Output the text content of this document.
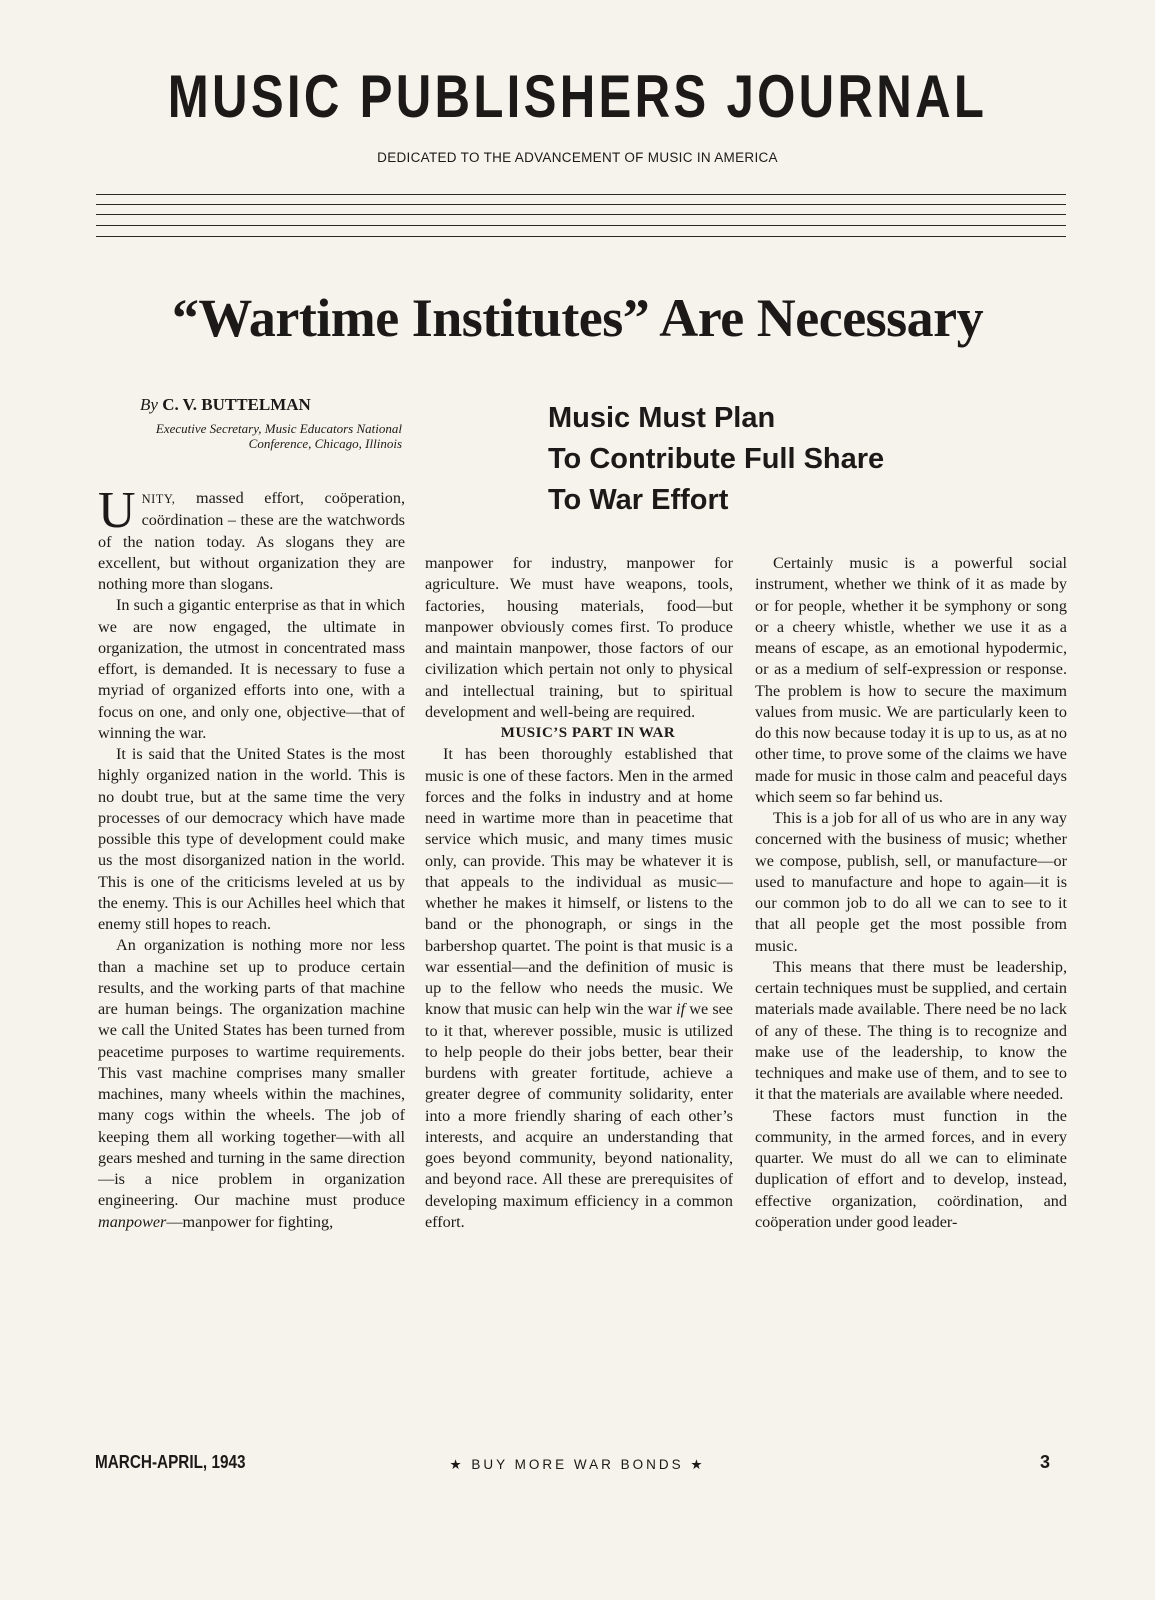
MUSIC PUBLISHERS JOURNAL
DEDICATED TO THE ADVANCEMENT OF MUSIC IN AMERICA
“Wartime Institutes” Are Necessary
By C. V. BUTTELMAN
Executive Secretary, Music Educators National Conference, Chicago, Illinois
Music Must Plan
To Contribute Full Share
To War Effort

UNITY, massed effort, coöperation, coördination – these are the watchwords of the nation today. As slogans they are excellent, but without organization they are nothing more than slogans.

In such a gigantic enterprise as that in which we are now engaged, the ultimate in organization, the utmost in concentrated mass effort, is demanded. It is necessary to fuse a myriad of organized efforts into one, with a focus on one, and only one, objective—that of winning the war.

It is said that the United States is the most highly organized nation in the world. This is no doubt true, but at the same time the very processes of our democracy which have made possible this type of development could make us the most disorganized nation in the world. This is one of the criticisms leveled at us by the enemy. This is our Achilles heel which that enemy still hopes to reach.

An organization is nothing more nor less than a machine set up to produce certain results, and the working parts of that machine are human beings. The organization machine we call the United States has been turned from peacetime purposes to wartime requirements. This vast machine comprises many smaller machines, many wheels within the machines, many cogs within the wheels. The job of keeping them all working together—with all gears meshed and turning in the same direction—is a nice problem in organization engineering. Our machine must produce manpower—manpower for fighting,

manpower for industry, manpower for agriculture. We must have weapons, tools, factories, housing materials, food—but manpower obviously comes first. To produce and maintain manpower, those factors of our civilization which pertain not only to physical and intellectual training, but to spiritual development and well-being are required.

MUSIC’S PART IN WAR

It has been thoroughly established that music is one of these factors. Men in the armed forces and the folks in industry and at home need in wartime more than in peacetime that service which music, and many times music only, can provide. This may be whatever it is that appeals to the individual as music—whether he makes it himself, or listens to the band or the phonograph, or sings in the barbershop quartet. The point is that music is a war essential—and the definition of music is up to the fellow who needs the music. We know that music can help win the war if we see to it that, wherever possible, music is utilized to help people do their jobs better, bear their burdens with greater fortitude, achieve a greater degree of community solidarity, enter into a more friendly sharing of each other’s interests, and acquire an understanding that goes beyond community, beyond nationality, and beyond race. All these are prerequisites of developing maximum efficiency in a common effort.

Certainly music is a powerful social instrument, whether we think of it as made by or for people, whether it be symphony or song or a cheery whistle, whether we use it as a means of escape, as an emotional hypodermic, or as a medium of self-expression or response. The problem is how to secure the maximum values from music. We are particularly keen to do this now because today it is up to us, as at no other time, to prove some of the claims we have made for music in those calm and peaceful days which seem so far behind us.

This is a job for all of us who are in any way concerned with the business of music; whether we compose, publish, sell, or manufacture—or used to manufacture and hope to again—it is our common job to do all we can to see to it that all people get the most possible from music.

This means that there must be leadership, certain techniques must be supplied, and certain materials made available. There need be no lack of any of these. The thing is to recognize and make use of the leadership, to know the techniques and make use of them, and to see to it that the materials are available where needed.

These factors must function in the community, in the armed forces, and in every quarter. We must do all we can to eliminate duplication of effort and to develop, instead, effective organization, coördination, and coöperation under good leader-

MARCH-APRIL, 1943	★ BUY MORE WAR BONDS ★	3
